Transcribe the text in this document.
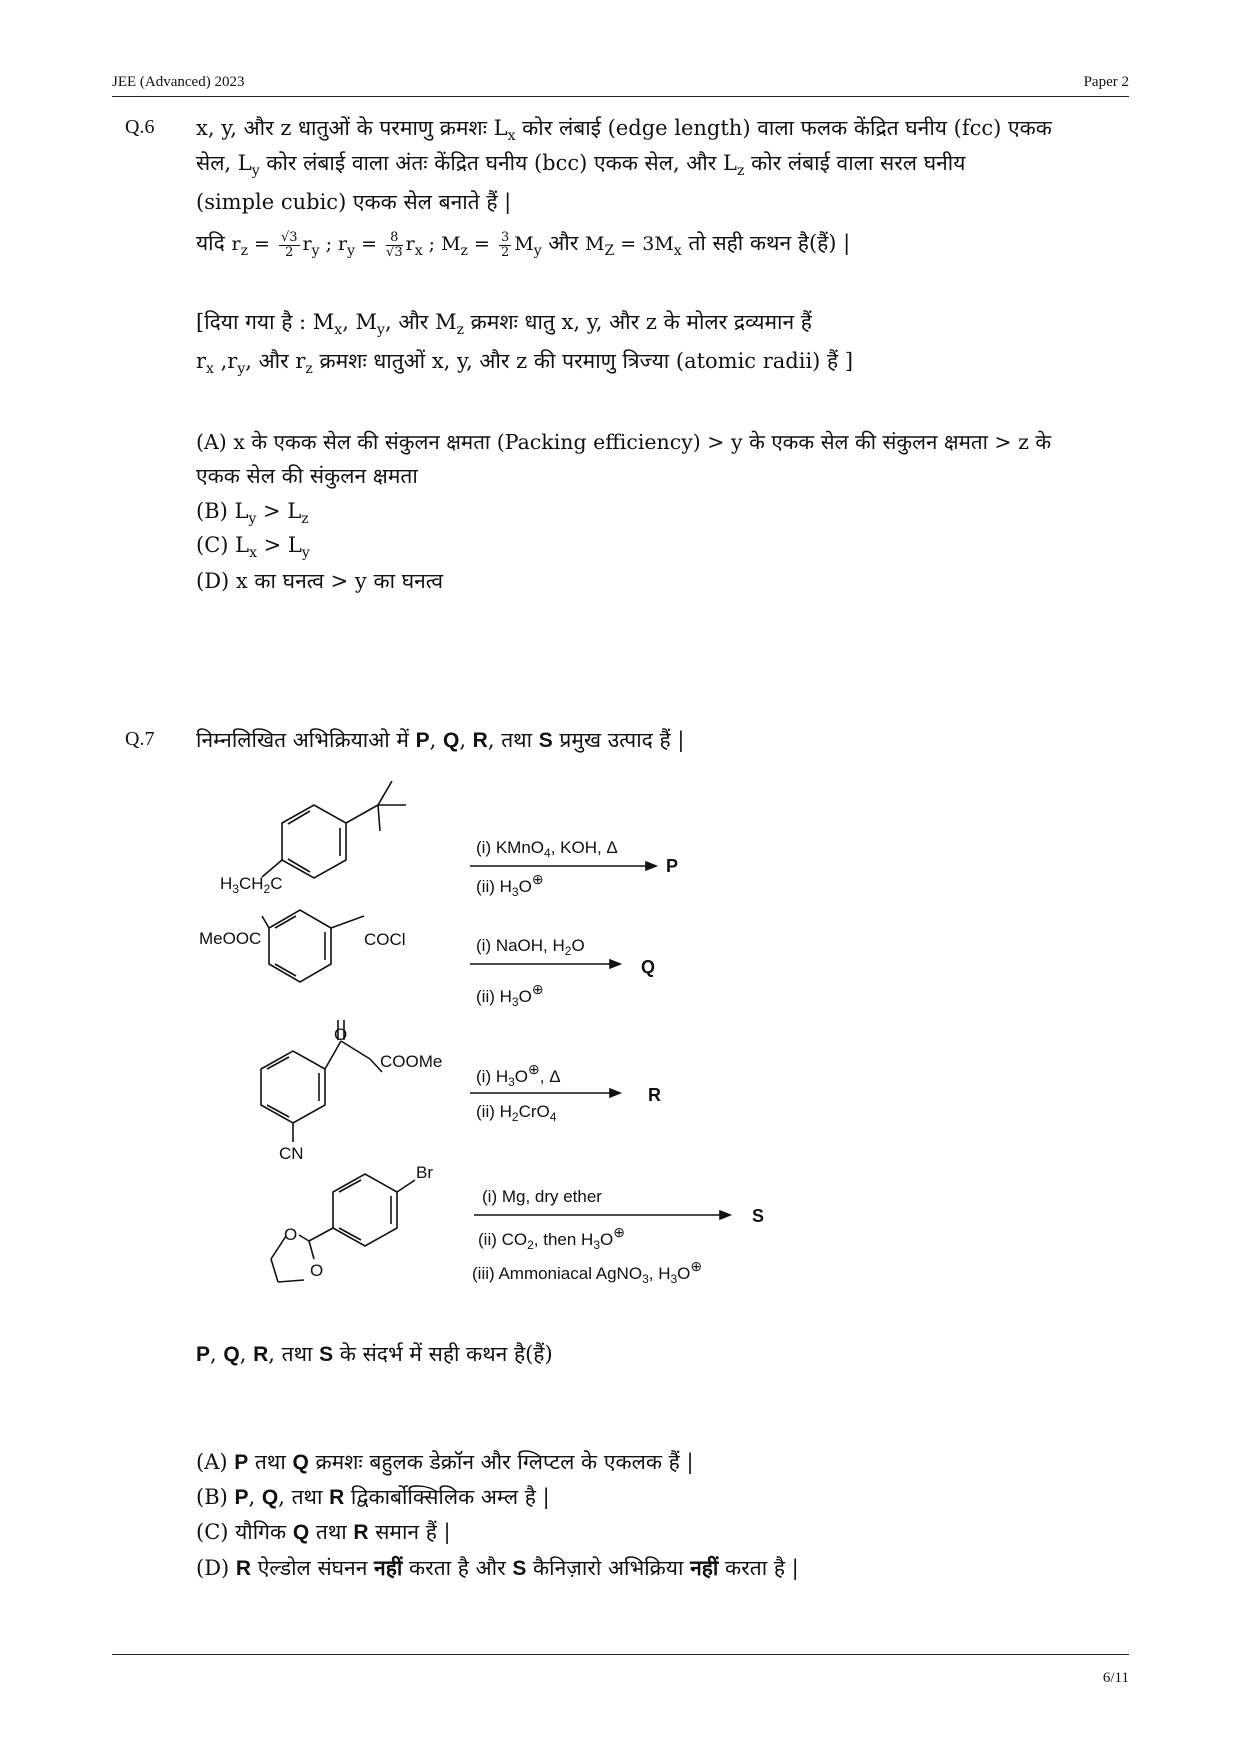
JEE (Advanced) 2023	Paper 2
Q.6 x, y, और z धातुओं के परमाणु क्रमशः $L_x$ कोर लंबाई (edge length) वाला फलक केंद्रित घनीय (fcc) एकक
सेल, $L_y$ कोर लंबाई वाला अंतः केंद्रित घनीय (bcc) एकक सेल, और $L_z$ कोर लंबाई वाला सरल घनीय
(simple cubic) एकक सेल बनाते हैं |
यदि $r_z = \frac{√3}{2} r_y$ ; $r_y = \frac{8}{√3} r_x$ ; $M_z = \frac{3}{2} M_y$ और $M_Z = 3M_x$ तो सही कथन है(हैं) |
[दिया गया है : $M_x$, $M_y$, और $M_z$ क्रमशः धातु x, y, और z के मोलर द्रव्यमान हैं
$r_x$ $,r_y$, और $r_z$ क्रमशः धातुओं x, y, और z की परमाणु त्रिज्या (atomic radii) हैं ]
(A) x के एकक सेल की संकुलन क्षमता (Packing efficiency) > y के एकक सेल की संकुलन क्षमता > z के
एकक सेल की संकुलन क्षमता
(B) $L_y > L_z$
(C) $L_x > L_y$
(D) x का घनत्व > y का घनत्व
Q.7 निम्नलिखित अभिक्रियाओ में P, Q, R, तथा S प्रमुख उत्पाद हैं |
$H_3CH_2C$
(i) KMnO$_4$, KOH, Δ
(ii) $H_3O^\oplus$
P
MeOOC	COCl	(i) NaOH, $H_2O$
(ii) $H_3O^\oplus$
Q
O
COOMe
CN
(i) $H_3O^\oplus$, Δ
(ii) $H_2CrO_4$
R
Br
O
O
(i) Mg, dry ether
(ii) $CO_2$, then $H_3O^\oplus$
(iii) Ammoniacal AgNO$_3$, $H_3O^\oplus$
S
P, Q, R, तथा S के संदर्भ में सही कथन है(हैं)
(A) P तथा Q क्रमशः बहुलक डेक्रॉन और ग्लिप्टल के एकलक हैं |
(B) P, Q, तथा R द्विकार्बोक्सिलिक अम्ल है |
(C) यौगिक Q तथा R समान हैं |
(D) R ऐल्डोल संघनन नहीं करता है और S कैनिज़ारो अभिक्रिया नहीं करता है |
6/11
